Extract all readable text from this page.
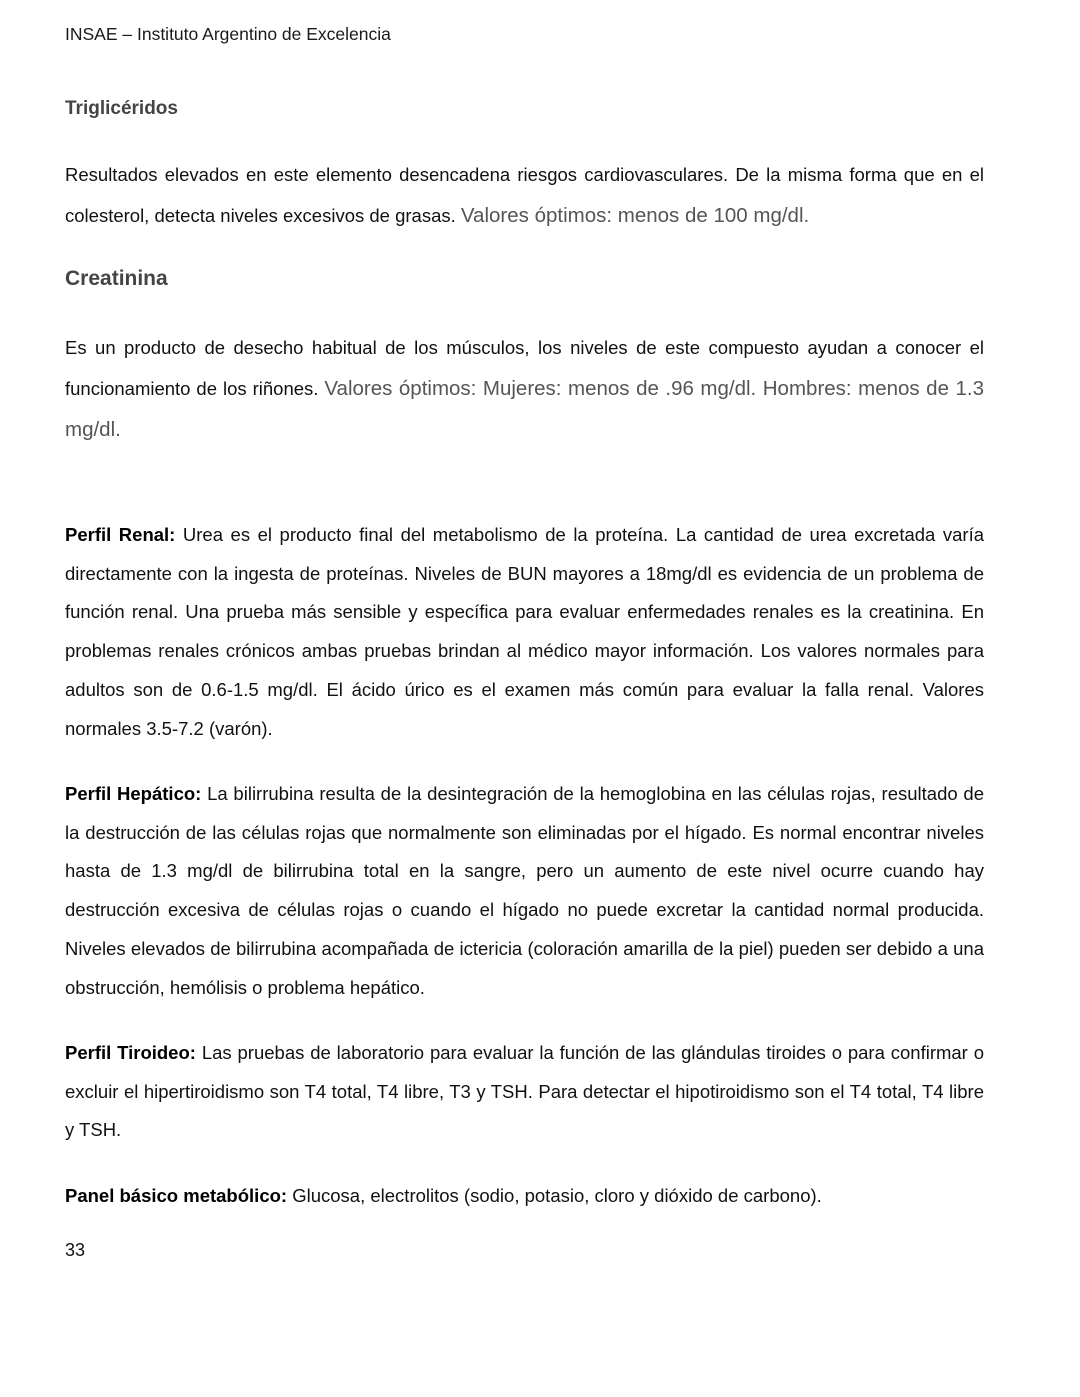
INSAE – Instituto Argentino de Excelencia
Triglicéridos

Resultados elevados en este elemento desencadena riesgos cardiovasculares. De la misma forma que en el colesterol, detecta niveles excesivos de grasas. Valores óptimos: menos de 100 mg/dl.

Creatinina

Es un producto de desecho habitual de los músculos, los niveles de este compuesto ayudan a conocer el funcionamiento de los riñones. Valores óptimos: Mujeres: menos de .96 mg/dl. Hombres: menos de 1.3 mg/dl.

Perfil Renal: Urea es el producto final del metabolismo de la proteína. La cantidad de urea excretada varía directamente con la ingesta de proteínas. Niveles de BUN mayores a 18mg/dl es evidencia de un problema de función renal. Una prueba más sensible y específica para evaluar enfermedades renales es la creatinina. En problemas renales crónicos ambas pruebas brindan al médico mayor información. Los valores normales para adultos son de 0.6-1.5 mg/dl. El ácido úrico es el examen más común para evaluar la falla renal. Valores normales 3.5-7.2 (varón).

Perfil Hepático: La bilirrubina resulta de la desintegración de la hemoglobina en las células rojas, resultado de la destrucción de las células rojas que normalmente son eliminadas por el hígado. Es normal encontrar niveles hasta de 1.3 mg/dl de bilirrubina total en la sangre, pero un aumento de este nivel ocurre cuando hay destrucción excesiva de células rojas o cuando el hígado no puede excretar la cantidad normal producida. Niveles elevados de bilirrubina acompañada de ictericia (coloración amarilla de la piel) pueden ser debido a una obstrucción, hemólisis o problema hepático.

Perfil Tiroideo: Las pruebas de laboratorio para evaluar la función de las glándulas tiroides o para confirmar o excluir el hipertiroidismo son T4 total, T4 libre, T3 y TSH. Para detectar el hipotiroidismo son el T4 total, T4 libre y TSH.

Panel básico metabólico: Glucosa, electrolitos (sodio, potasio, cloro y dióxido de carbono).

33
